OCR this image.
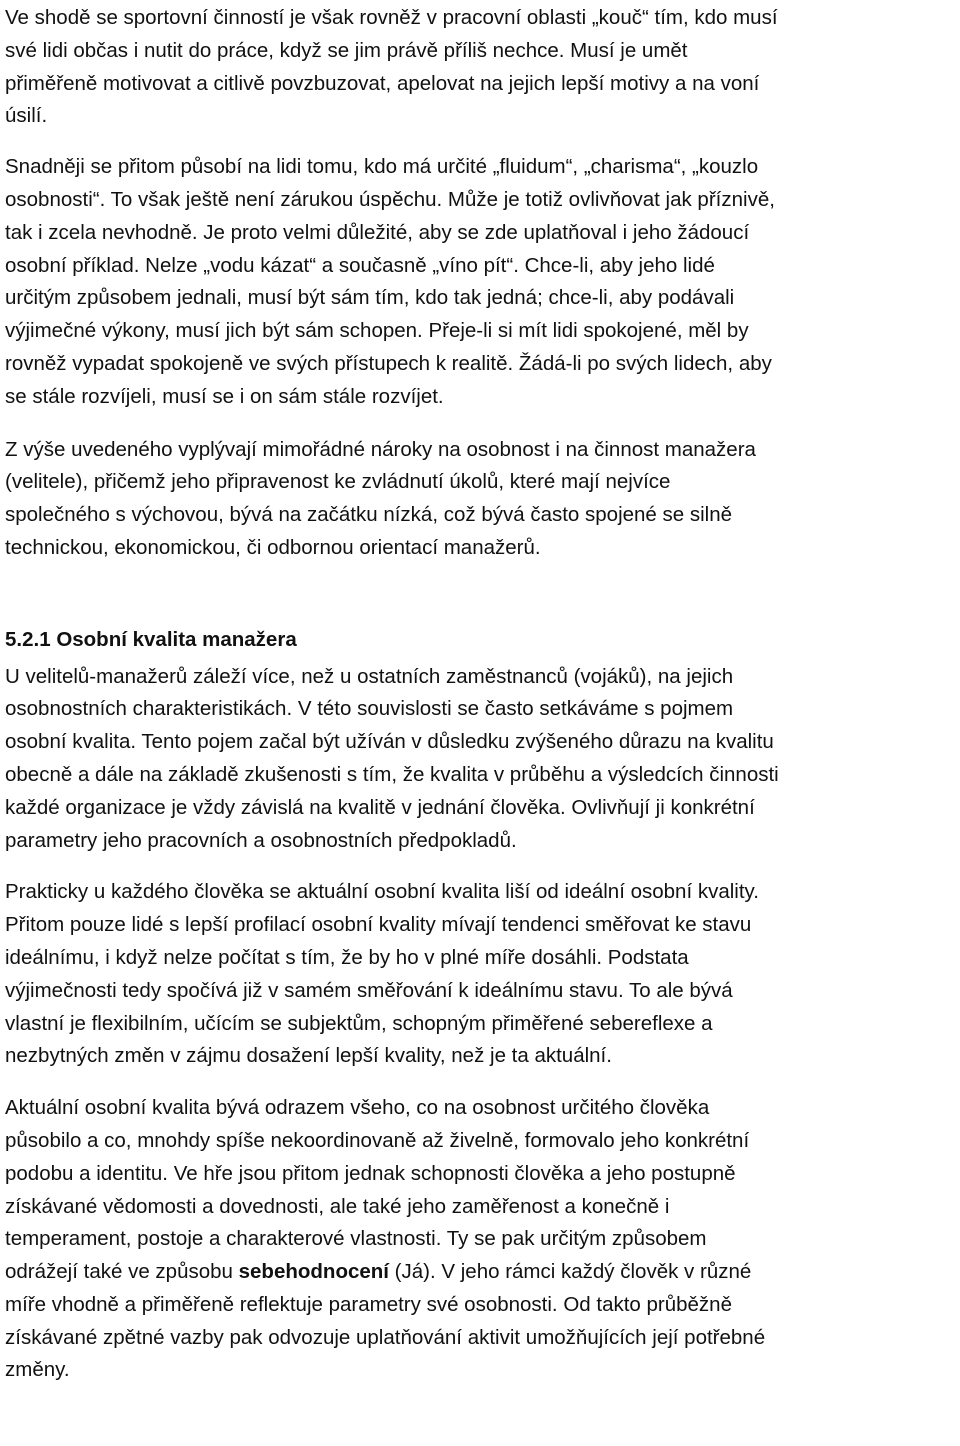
Ve shodě se sportovní činností je však rovněž v pracovní oblasti „kouč“ tím, kdo musí
své lidi občas i nutit do práce, když se jim právě příliš nechce. Musí je umět
přiměřeně motivovat a citlivě povzbuzovat, apelovat na jejich lepší motivy a na voní
úsilí.

Snadněji se přitom působí na lidi tomu, kdo má určité „fluidum“, „charisma“, „kouzlo
osobnosti“. To však ještě není zárukou úspěchu. Může je totiž ovlivňovat jak příznivě,
tak i zcela nevhodně. Je proto velmi důležité, aby se zde uplatňoval i jeho žádoucí
osobní příklad. Nelze „vodu kázat“ a současně „víno pít“. Chce-li, aby jeho lidé
určitým způsobem jednali, musí být sám tím, kdo tak jedná; chce-li, aby podávali
výjimečné výkony, musí jich být sám schopen. Přeje-li si mít lidi spokojené, měl by
rovněž vypadat spokojeně ve svých přístupech k realitě. Žádá-li po svých lidech, aby
se stále rozvíjeli, musí se i on sám stále rozvíjet.

Z výše uvedeného vyplývají mimořádné nároky na osobnost i na činnost manažera
(velitele), přičemž jeho připravenost ke zvládnutí úkolů, které mají nejvíce
společného s výchovou, bývá na začátku nízká, což bývá často spojené se silně
technickou, ekonomickou, či odbornou orientací manažerů.

5.2.1 Osobní kvalita manažera

U velitelů-manažerů záleží více, než u ostatních zaměstnanců (vojáků), na jejich
osobnostních charakteristikách. V této souvislosti se často setkáváme s pojmem
osobní kvalita. Tento pojem začal být užíván v důsledku zvýšeného důrazu na kvalitu
obecně a dále na základě zkušenosti s tím, že kvalita v průběhu a výsledcích činnosti
každé organizace je vždy závislá na kvalitě v jednání člověka. Ovlivňují ji konkrétní
parametry jeho pracovních a osobnostních předpokladů.

Prakticky u každého člověka se aktuální osobní kvalita liší od ideální osobní kvality.
Přitom pouze lidé s lepší profilací osobní kvality mívají tendenci směřovat ke stavu
ideálnímu, i když nelze počítat s tím, že by ho v plné míře dosáhli. Podstata
výjimečnosti tedy spočívá již v samém směřování k ideálnímu stavu. To ale bývá
vlastní je flexibilním, učícím se subjektům, schopným přiměřené sebereflexe a
nezbytných změn v zájmu dosažení lepší kvality, než je ta aktuální.

Aktuální osobní kvalita bývá odrazem všeho, co na osobnost určitého člověka
působilo a co, mnohdy spíše nekoordinovaně až živelně, formovalo jeho konkrétní
podobu a identitu. Ve hře jsou přitom jednak schopnosti člověka a jeho postupně
získávané vědomosti a dovednosti, ale také jeho zaměřenost a konečně i
temperament, postoje a charakterové vlastnosti. Ty se pak určitým způsobem
odrážejí také ve způsobu sebehodnocení (Já). V jeho rámci každý člověk v různé
míře vhodně a přiměřeně reflektuje parametry své osobnosti. Od takto průběžně
získávané zpětné vazby pak odvozuje uplatňování aktivit umožňujících její potřebné
změny.
